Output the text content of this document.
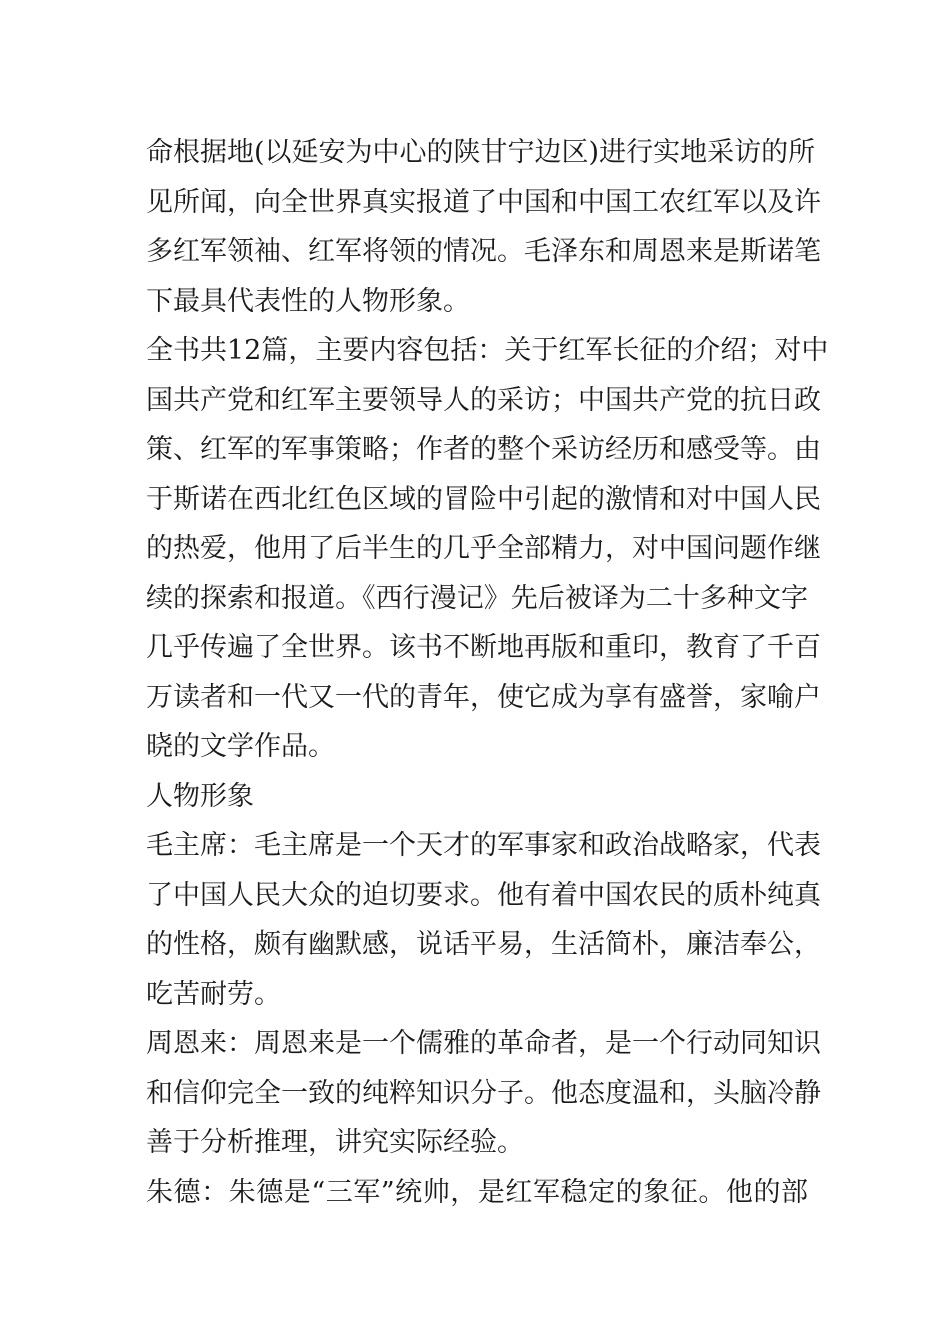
命根据地(以延安为中心的陕甘宁边区)进行实地采访的所
见所闻，向全世界真实报道了中国和中国工农红军以及许
多红军领袖、红军将领的情况。毛泽东和周恩来是斯诺笔
下最具代表性的人物形象。
全书共12篇，主要内容包括：关于红军长征的介绍；对中
国共产党和红军主要领导人的采访；中国共产党的抗日政
策、红军的军事策略；作者的整个采访经历和感受等。由
于斯诺在西北红色区域的冒险中引起的激情和对中国人民
的热爱，他用了后半生的几乎全部精力，对中国问题作继
续的探索和报道。《西行漫记》先后被译为二十多种文字
几乎传遍了全世界。该书不断地再版和重印，教育了千百
万读者和一代又一代的青年，使它成为享有盛誉，家喻户
晓的文学作品。
人物形象
毛主席：毛主席是一个天才的军事家和政治战略家，代表
了中国人民大众的迫切要求。他有着中国农民的质朴纯真
的性格，颇有幽默感，说话平易，生活简朴，廉洁奉公，
吃苦耐劳。
周恩来：周恩来是一个儒雅的革命者，是一个行动同知识
和信仰完全一致的纯粹知识分子。他态度温和，头脑冷静
善于分析推理，讲究实际经验。
朱德：朱德是“三军”统帅，是红军稳定的象征。他的部
